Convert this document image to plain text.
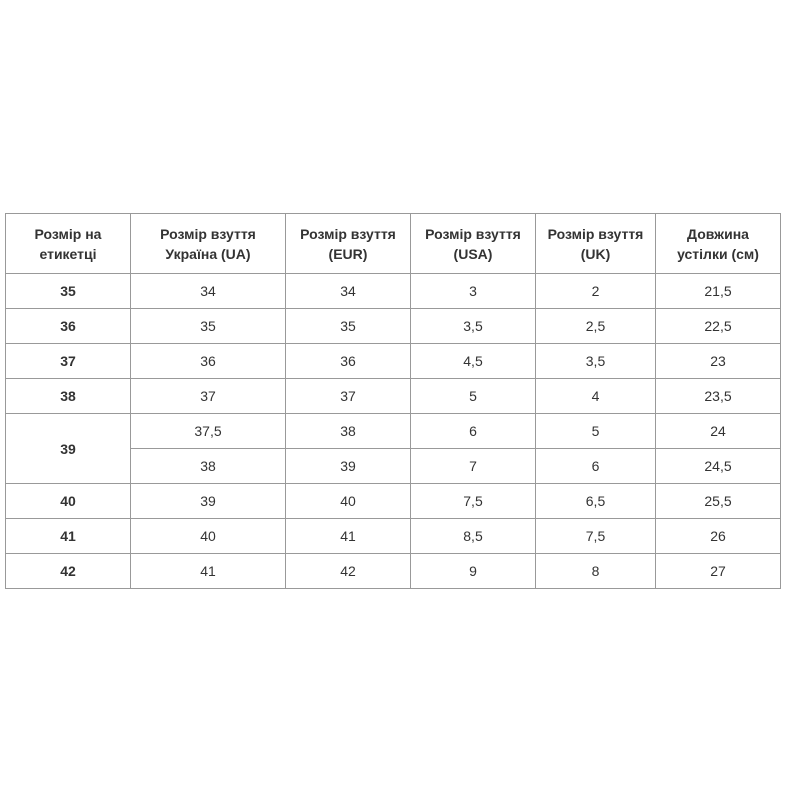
Розмір на етикетці	Розмір взуття Україна (UA)	Розмір взуття (EUR)	Розмір взуття (USA)	Розмір взуття (UK)	Довжина устілки (см)
35	34	34	3	2	21,5
36	35	35	3,5	2,5	22,5
37	36	36	4,5	3,5	23
38	37	37	5	4	23,5
39	37,5	38	6	5	24
	38	39	7	6	24,5
40	39	40	7,5	6,5	25,5
41	40	41	8,5	7,5	26
42	41	42	9	8	27
